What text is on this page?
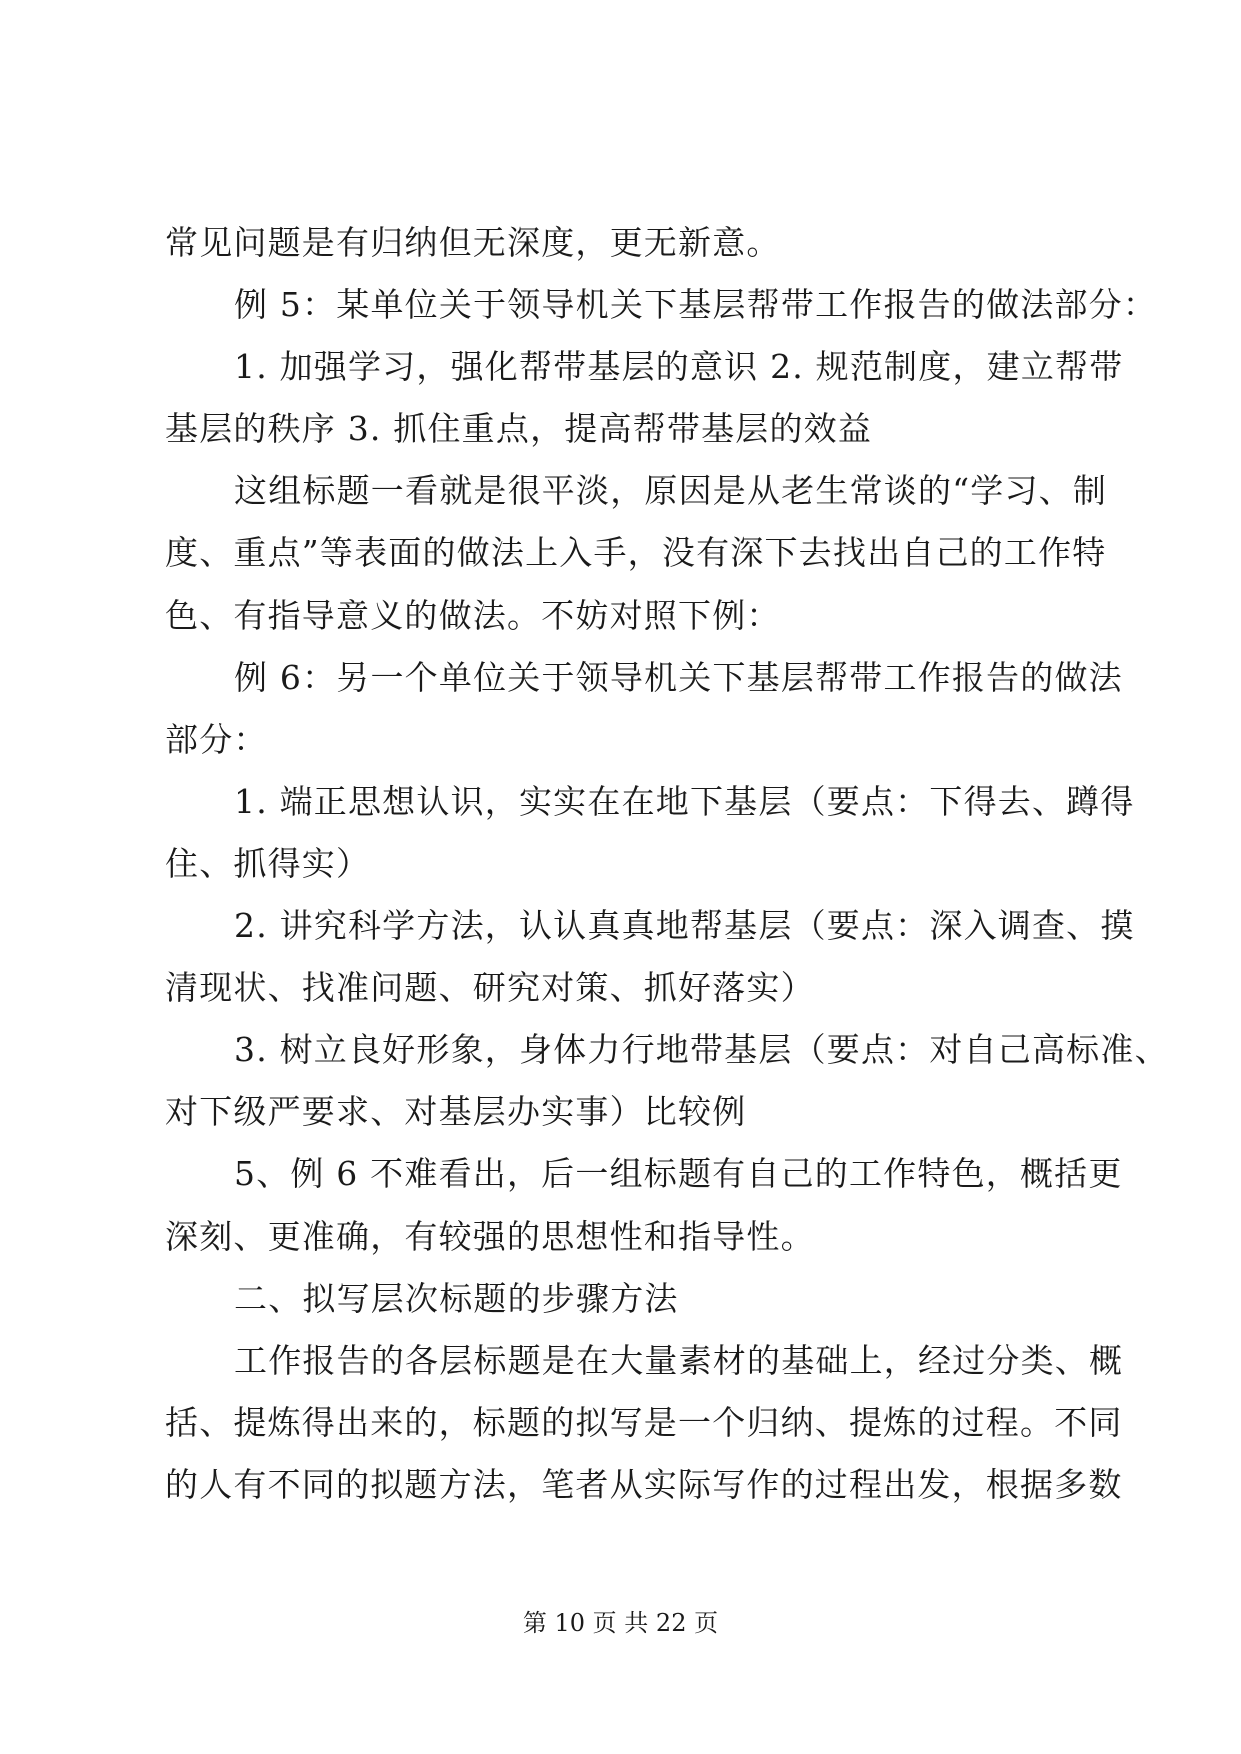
常见问题是有归纳但无深度，更无新意。
例 5：某单位关于领导机关下基层帮带工作报告的做法部分：
1. 加强学习，强化帮带基层的意识 2. 规范制度，建立帮带
基层的秩序 3. 抓住重点，提高帮带基层的效益
这组标题一看就是很平淡，原因是从老生常谈的“学习、制
度、重点”等表面的做法上入手，没有深下去找出自己的工作特
色、有指导意义的做法。不妨对照下例：
例 6：另一个单位关于领导机关下基层帮带工作报告的做法
部分：
1. 端正思想认识，实实在在地下基层（要点：下得去、蹲得
住、抓得实）
2. 讲究科学方法，认认真真地帮基层（要点：深入调查、摸
清现状、找准问题、研究对策、抓好落实）
3. 树立良好形象，身体力行地带基层（要点：对自己高标准、
对下级严要求、对基层办实事）比较例
5、例 6 不难看出，后一组标题有自己的工作特色，概括更
深刻、更准确，有较强的思想性和指导性。
二、拟写层次标题的步骤方法
工作报告的各层标题是在大量素材的基础上，经过分类、概
括、提炼得出来的，标题的拟写是一个归纳、提炼的过程。不同
的人有不同的拟题方法，笔者从实际写作的过程出发，根据多数
第 10 页 共 22 页
